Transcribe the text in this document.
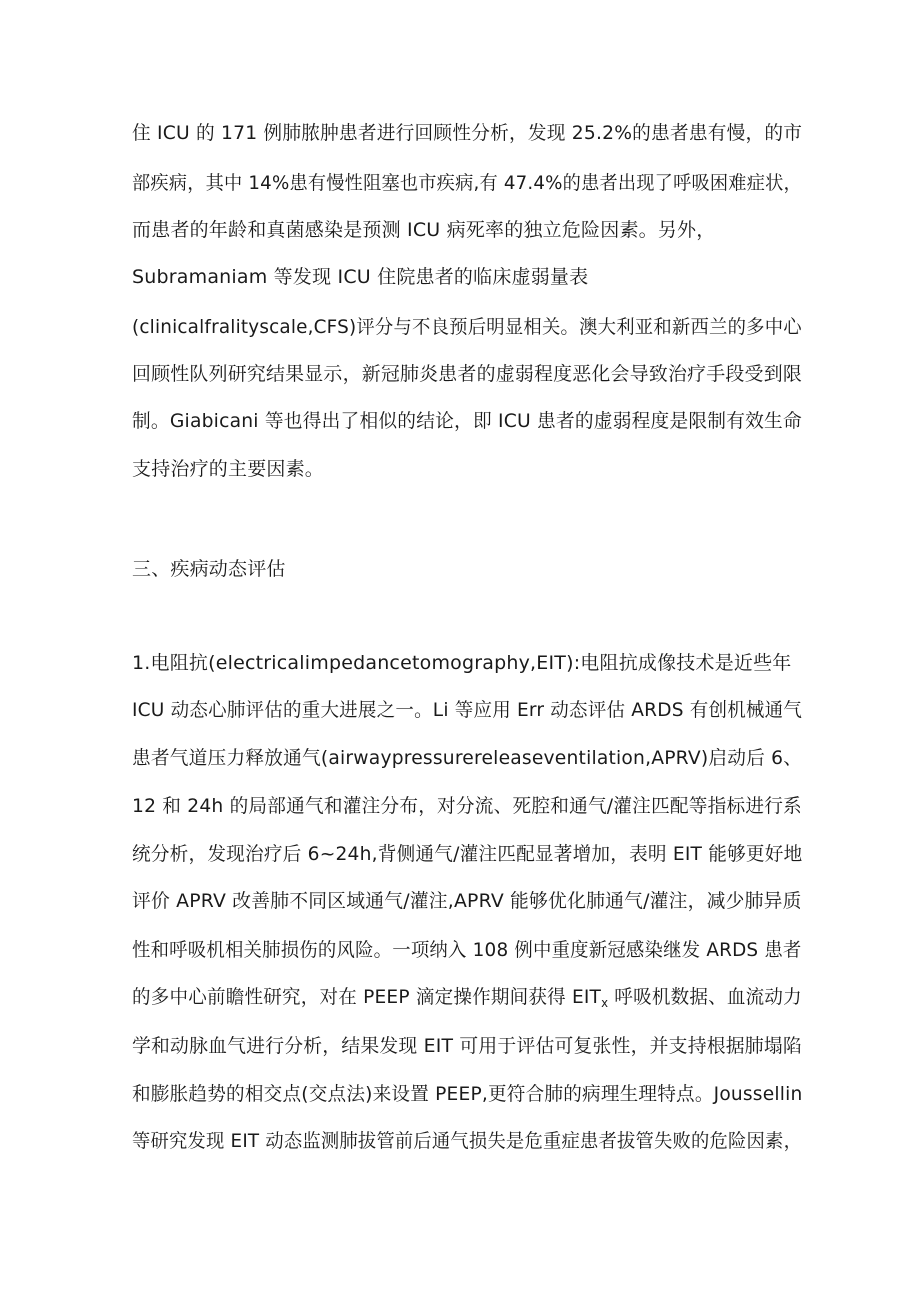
住 ICU 的 171 例肺脓肿患者进行回顾性分析，发现 25.2%的患者患有慢，的市
部疾病，其中 14%患有慢性阻塞也市疾病,有 47.4%的患者出现了呼吸困难症状，
而患者的年龄和真菌感染是预测 ICU 病死率的独立危险因素。另外，
Subramaniam 等发现 ICU 住院患者的临床虚弱量表
(clinicalfralityscale,CFS)评分与不良预后明显相关。澳大利亚和新西兰的多中心
回顾性队列研究结果显示，新冠肺炎患者的虚弱程度恶化会导致治疗手段受到限
制。Giabicani 等也得出了相似的结论，即 ICU 患者的虚弱程度是限制有效生命
支持治疗的主要因素。
三、疾病动态评估
1.电阻抗(electricalimpedancetomography,EIT):电阻抗成像技术是近些年
ICU 动态心肺评估的重大进展之一。Li 等应用 Err 动态评估 ARDS 有创机械通气
患者气道压力释放通气(airwaypressurereleaseventilation,APRV)启动后 6、
12 和 24h 的局部通气和灌注分布，对分流、死腔和通气/灌注匹配等指标进行系
统分析，发现治疗后 6~24h,背侧通气/灌注匹配显著增加，表明 EIT 能够更好地
评价 APRV 改善肺不同区域通气/灌注,APRV 能够优化肺通气/灌注，减少肺异质
性和呼吸机相关肺损伤的风险。一项纳入 108 例中重度新冠感染继发 ARDS 患者
的多中心前瞻性研究，对在 PEEP 滴定操作期间获得 $EIT_x$ 呼吸机数据、血流动力
学和动脉血气进行分析，结果发现 EIT 可用于评估可复张性，并支持根据肺塌陷
和膨胀趋势的相交点(交点法)来设置 PEEP,更符合肺的病理生理特点。Joussellin
等研究发现 EIT 动态监测肺拔管前后通气损失是危重症患者拔管失败的危险因素，
